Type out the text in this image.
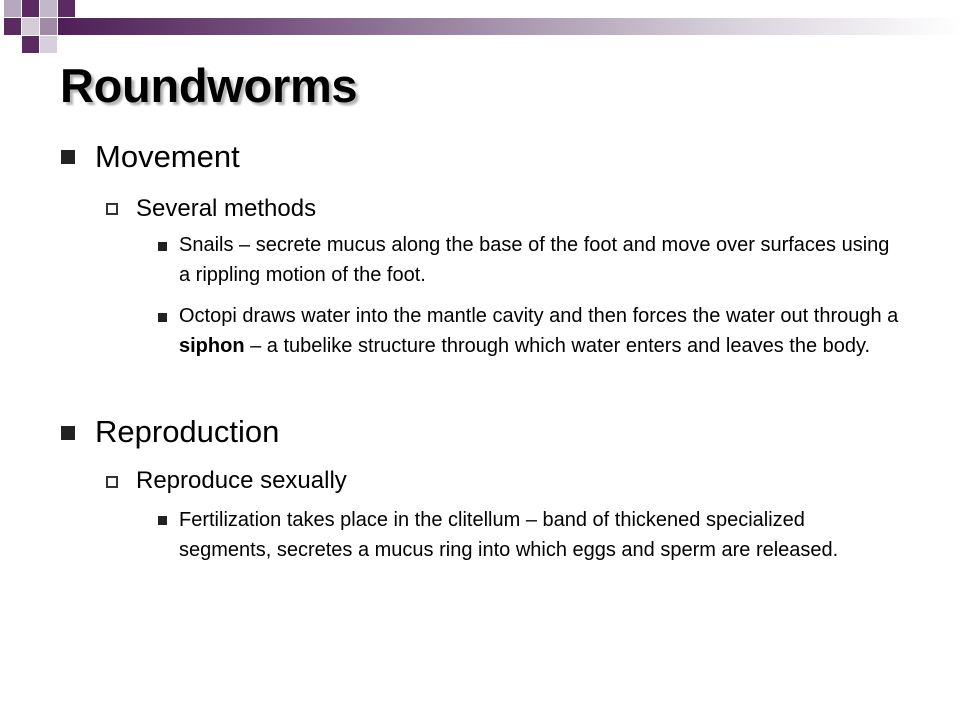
Roundworms
Movement
Several methods
Snails – secrete mucus along the base of the foot and move over surfaces using a rippling motion of the foot.
Octopi draws water into the mantle cavity and then forces the water out through a siphon – a tubelike structure through which water enters and leaves the body.
Reproduction
Reproduce sexually
Fertilization takes place in the clitellum – band of thickened specialized segments, secretes a mucus ring into which eggs and sperm are released.
